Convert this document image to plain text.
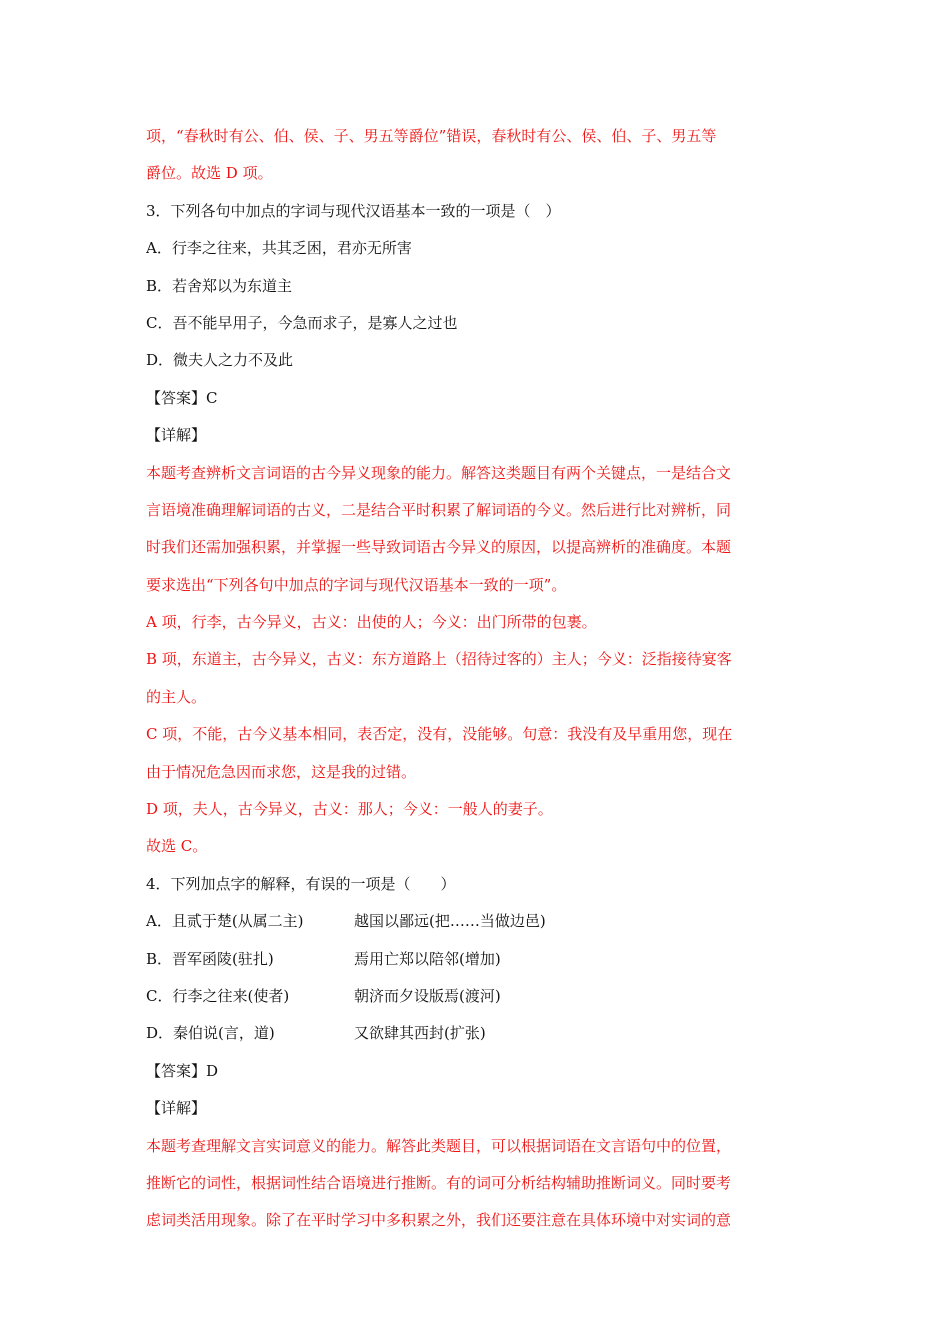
项，“春秋时有公、伯、侯、子、男五等爵位”错误，春秋时有公、侯、伯、子、男五等
爵位。故选 D 项。
3．下列各句中加点的字词与现代汉语基本一致的一项是（　）
A．行李之往来，共其乏困，君亦无所害
B．若舍郑以为东道主
C．吾不能早用子，今急而求子，是寡人之过也
D．微夫人之力不及此
【答案】C
【详解】
本题考查辨析文言词语的古今异义现象的能力。解答这类题目有两个关键点，一是结合文
言语境准确理解词语的古义，二是结合平时积累了解词语的今义。然后进行比对辨析，同
时我们还需加强积累，并掌握一些导致词语古今异义的原因，以提高辨析的准确度。本题
要求选出“下列各句中加点的字词与现代汉语基本一致的一项”。
A 项，行李，古今异义，古义：出使的人；今义：出门所带的包裹。
B 项，东道主，古今异义，古义：东方道路上（招待过客的）主人；今义：泛指接待宴客
的主人。
C 项，不能，古今义基本相同，表否定，没有，没能够。句意：我没有及早重用您，现在
由于情况危急因而求您，这是我的过错。
D 项，夫人，古今异义，古义：那人；今义：一般人的妻子。
故选 C。
4．下列加点字的解释，有误的一项是（　　）
A．且贰于楚(从属二主)	越国以鄙远(把……当做边邑)
B．晋军函陵(驻扎)	焉用亡郑以陪邻(增加)
C．行李之往来(使者)	朝济而夕设版焉(渡河)
D．秦伯说(言，道)	又欲肆其西封(扩张)
【答案】D
【详解】
本题考查理解文言实词意义的能力。解答此类题目，可以根据词语在文言语句中的位置，
推断它的词性，根据词性结合语境进行推断。有的词可分析结构辅助推断词义。同时要考
虑词类活用现象。除了在平时学习中多积累之外，我们还要注意在具体环境中对实词的意
